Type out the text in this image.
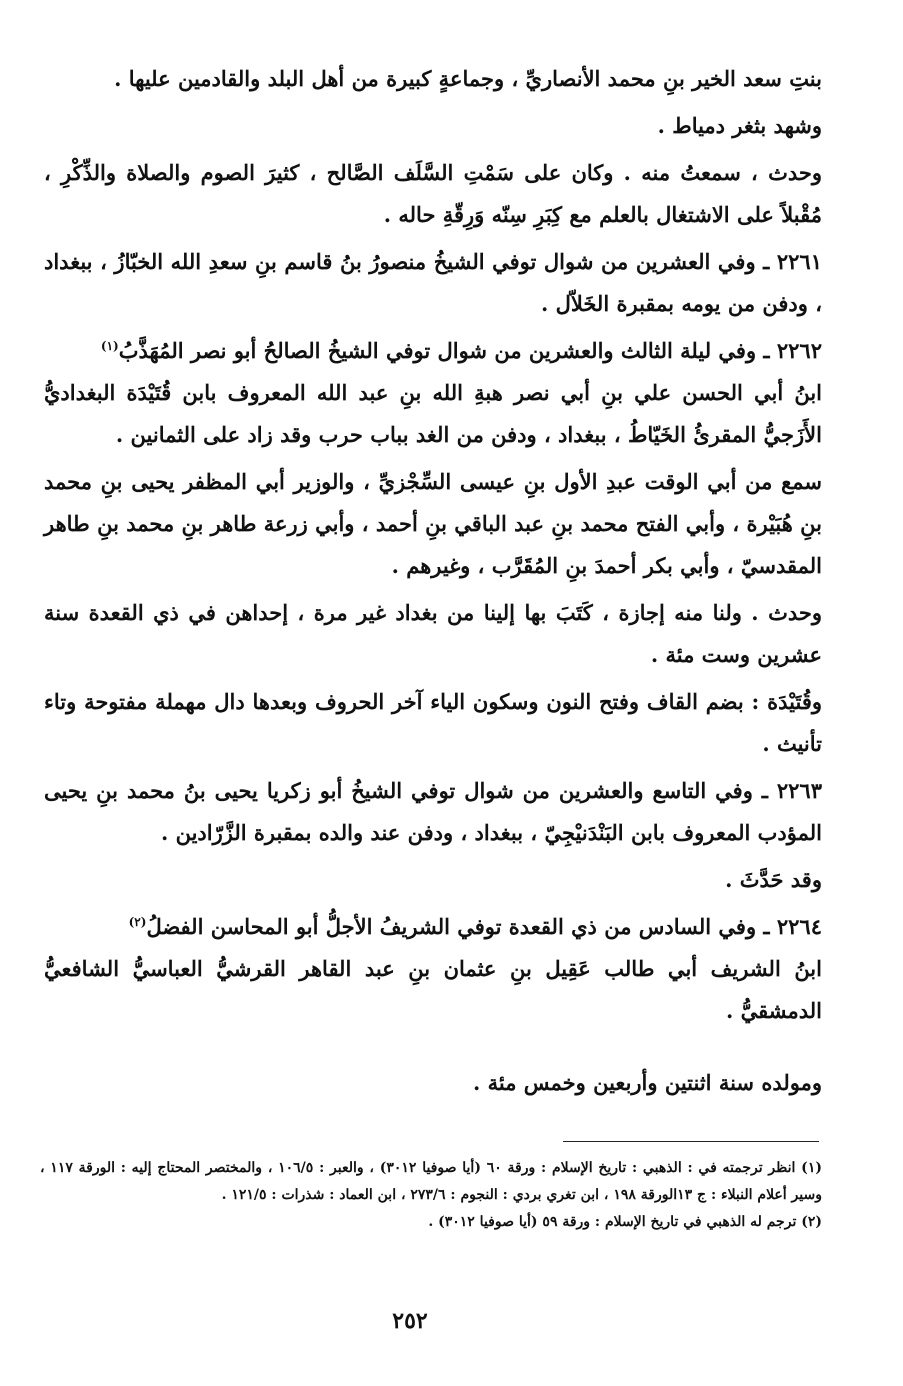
بنتِ سعد الخير بنِ محمد الأنصاريِّ ، وجماعةٍ كبيرة من أهل البلد والقادمين عليها .

وشهد بثغر دمياط .

وحدث ، سمعتُ منه . وكان على سَمْتِ السَّلَف الصَّالح ، كثيرَ الصوم والصلاة والذِّكْرِ ، مُقْبلاً على الاشتغال بالعلم مع كِبَرِ سِنّه وَرِقّةِ حاله .

٢٢٦١ ـ وفي العشرين من شوال توفي الشيخُ منصورُ بنُ قاسم بنِ سعدِ الله الخبّازُ ، ببغداد ، ودفن من يومه بمقبرة الخَلاّل .

٢٢٦٢ ـ وفي ليلة الثالث والعشرين من شوال توفي الشيخُ الصالحُ أبو نصر المُهَذَّبُ$^{(١)}$

ابنُ أبي الحسن علي بنِ أبي نصر هبةِ الله بنِ عبد الله المعروف بابن قُتَيْدَة البغداديُّ الأَزَجيُّ المقرئُ الخَيّاطُ ، ببغداد ، ودفن من الغد بباب حرب وقد زاد على الثمانين .

سمع من أبي الوقت عبدِ الأول بنِ عيسى السِّجْزيِّ ، والوزير أبي المظفر يحيى بنِ محمد بنِ هُبَيْرة ، وأبي الفتح محمد بنِ عبد الباقي بنِ أحمد ، وأبي زرعة طاهر بنِ محمد بنِ طاهر المقدسيّ ، وأبي بكر أحمدَ بنِ المُقَرَّب ، وغيرهم .

وحدث . ولنا منه إجازة ، كَتَبَ بها إلينا من بغداد غير مرة ، إحداهن في ذي القعدة سنة عشرين وست مئة .

وقُتَيْدَة : بضم القاف وفتح النون وسكون الياء آخر الحروف وبعدها دال مهملة مفتوحة وتاء تأنيث .

٢٢٦٣ ـ وفي التاسع والعشرين من شوال توفي الشيخُ أبو زكريا يحيى بنُ محمد بنِ يحيى المؤدب المعروف بابن البَنْدَنيْجِيّ ، ببغداد ، ودفن عند والده بمقبرة الزَّرّادين .

وقد حَدَّثَ .

٢٢٦٤ ـ وفي السادس من ذي القعدة توفي الشريفُ الأجلُّ أبو المحاسن الفضلُ$^{(٢)}$

ابنُ الشريف أبي طالب عَقِيل بنِ عثمان بنِ عبد القاهر القرشيُّ العباسيُّ الشافعيُّ الدمشقيُّ .

ومولده سنة اثنتين وأربعين وخمس مئة .

(١) انظر ترجمته في : الذهبي : تاريخ الإسلام : ورقة ٦٠ (أيا صوفيا ٣٠١٢) ، والعبر : ١٠٦/٥ ، والمختصر المحتاج إليه : الورقة ١١٧ ، وسير أعلام النبلاء : ج ١٣الورقة ١٩٨ ، ابن تغري بردي : النجوم : ٢٧٣/٦ ، ابن العماد : شذرات : ١٢١/٥ .

(٢) ترجم له الذهبي في تاريخ الإسلام : ورقة ٥٩ (أيا صوفيا ٣٠١٢) .

٢٥٢
